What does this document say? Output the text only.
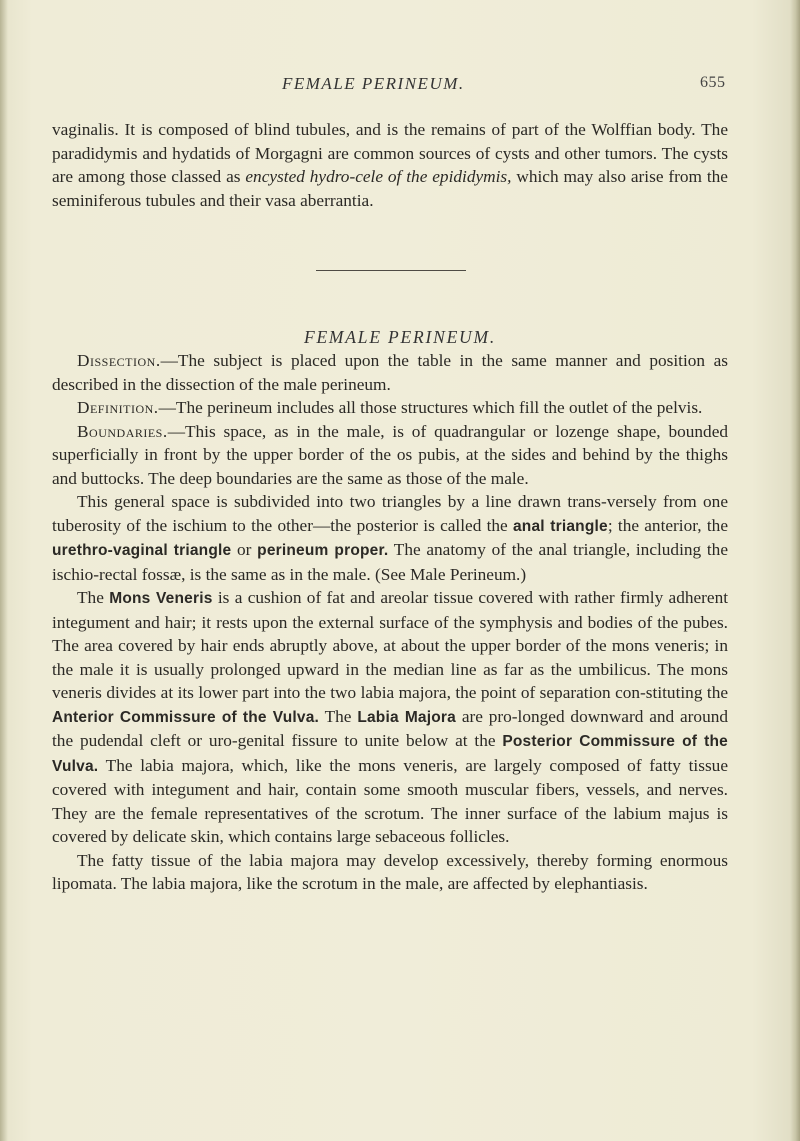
FEMALE PERINEUM.	655

vaginalis. It is composed of blind tubules, and is the remains of part of the Wolffian body. The paradidymis and hydatids of Morgagni are common sources of cysts and other tumors. The cysts are among those classed as encysted hydro-cele of the epididymis, which may also arise from the seminiferous tubules and their vasa aberrantia.

FEMALE PERINEUM.

Dissection.—The subject is placed upon the table in the same manner and position as described in the dissection of the male perineum.

Definition.—The perineum includes all those structures which fill the outlet of the pelvis.

Boundaries.—This space, as in the male, is of quadrangular or lozenge shape, bounded superficially in front by the upper border of the os pubis, at the sides and behind by the thighs and buttocks. The deep boundaries are the same as those of the male.

This general space is subdivided into two triangles by a line drawn trans-versely from one tuberosity of the ischium to the other—the posterior is called the anal triangle; the anterior, the urethro-vaginal triangle or perineum proper. The anatomy of the anal triangle, including the ischio-rectal fossæ, is the same as in the male. (See Male Perineum.)

The Mons Veneris is a cushion of fat and areolar tissue covered with rather firmly adherent integument and hair; it rests upon the external surface of the symphysis and bodies of the pubes. The area covered by hair ends abruptly above, at about the upper border of the mons veneris; in the male it is usually prolonged upward in the median line as far as the umbilicus. The mons veneris divides at its lower part into the two labia majora, the point of separation con-stituting the Anterior Commissure of the Vulva. The Labia Majora are pro-longed downward and around the pudendal cleft or uro-genital fissure to unite below at the Posterior Commissure of the Vulva. The labia majora, which, like the mons veneris, are largely composed of fatty tissue covered with integument and hair, contain some smooth muscular fibers, vessels, and nerves. They are the female representatives of the scrotum. The inner surface of the labium majus is covered by delicate skin, which contains large sebaceous follicles.

The fatty tissue of the labia majora may develop excessively, thereby forming enormous lipomata. The labia majora, like the scrotum in the male, are affected by elephantiasis.
